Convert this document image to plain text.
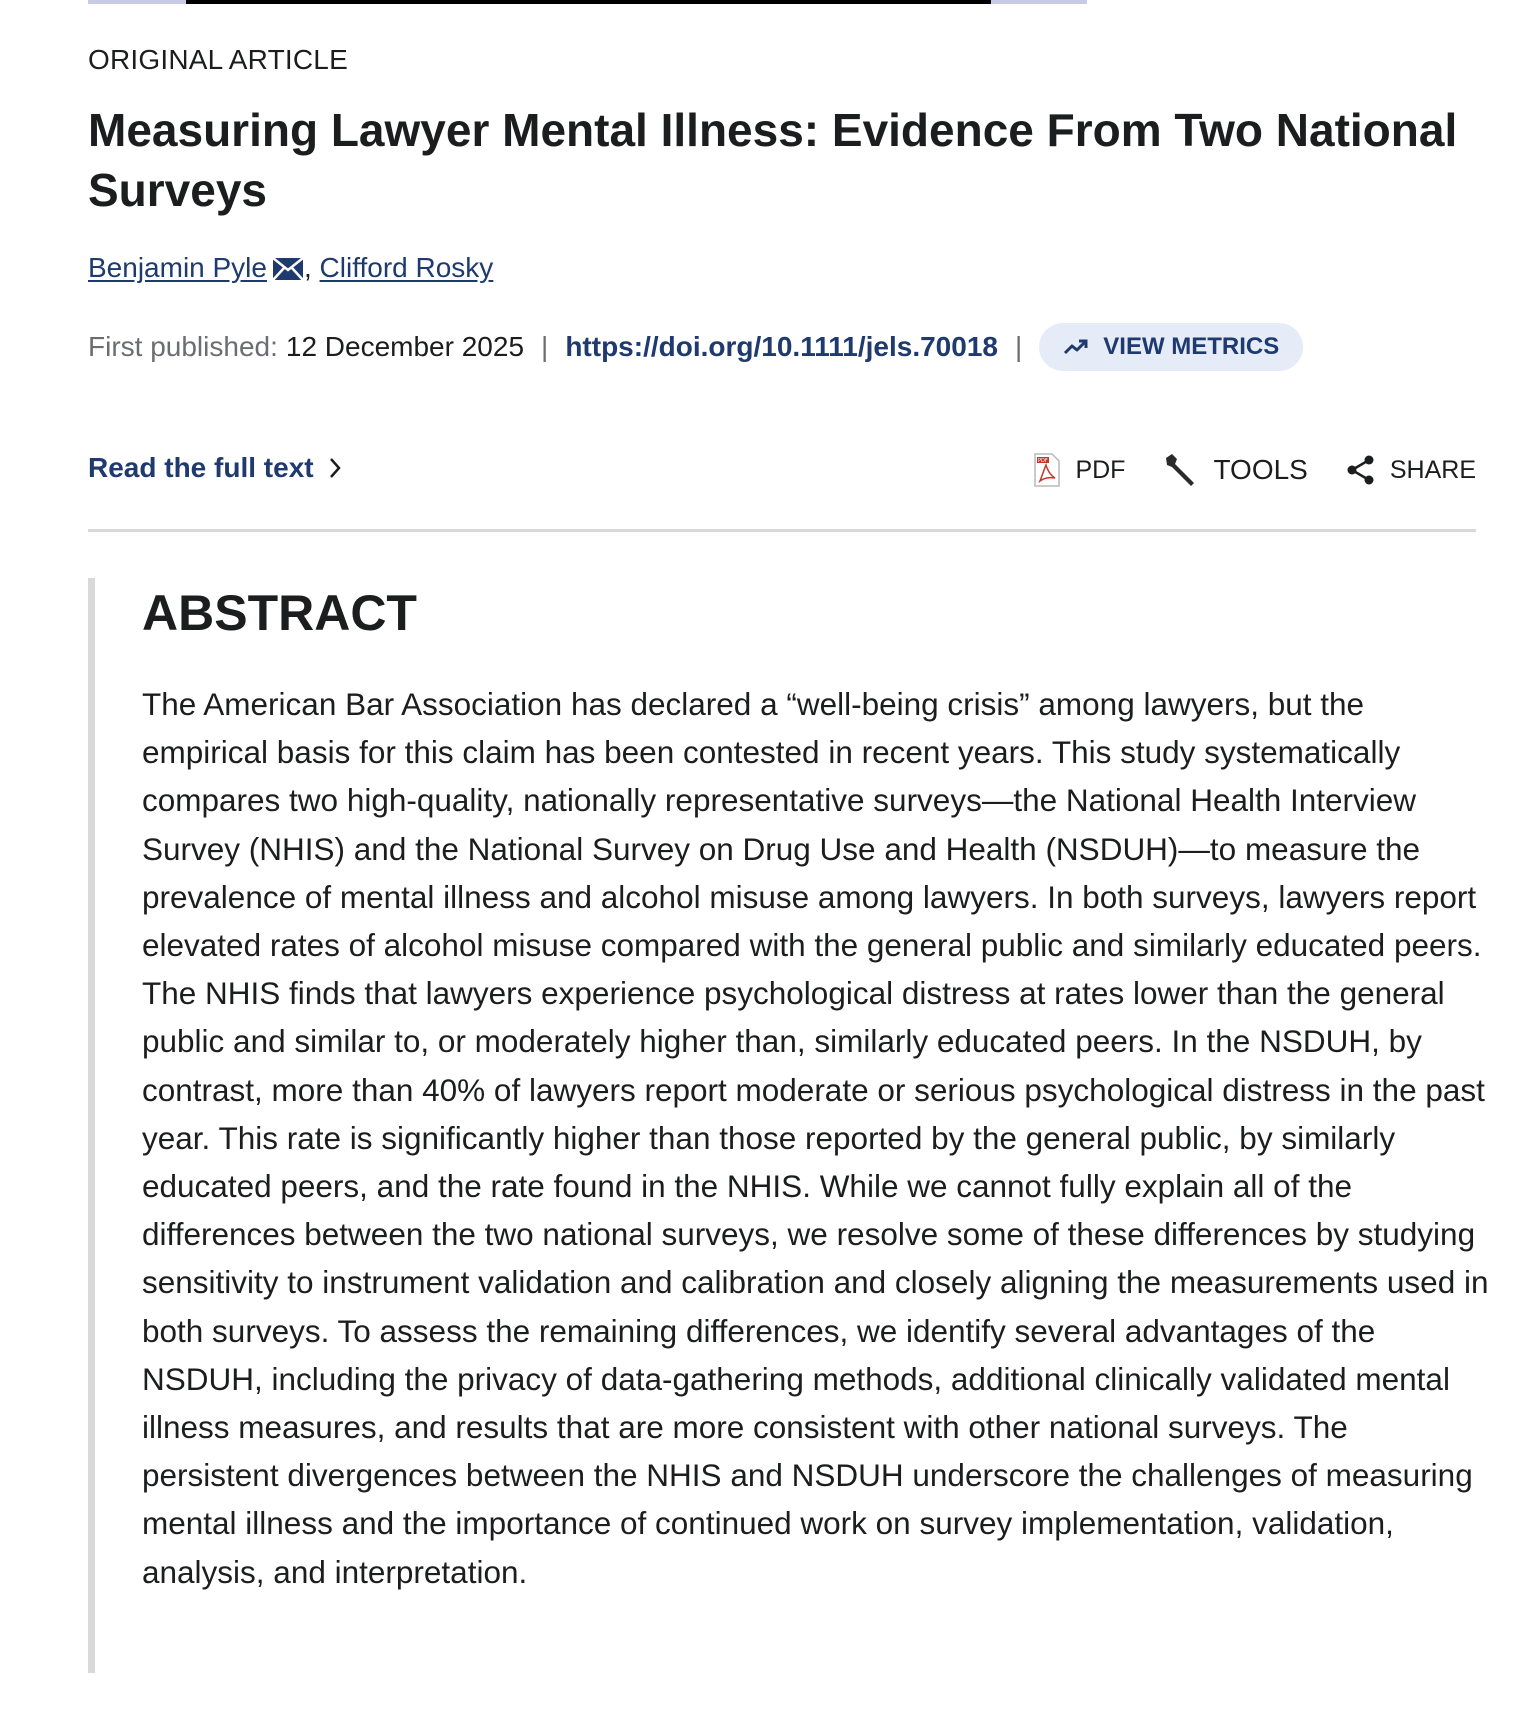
ORIGINAL ARTICLE
Measuring Lawyer Mental Illness: Evidence From Two National Surveys
Benjamin Pyle , Clifford Rosky
First published: 12 December 2025 | https://doi.org/10.1111/jels.70018 |	VIEW METRICS
Read the full text	PDF PDF	TOOLS	SHARE
ABSTRACT

The American Bar Association has declared a “well-being crisis” among lawyers, but the empirical basis for this claim has been contested in recent years. This study systematically compares two high-quality, nationally representative surveys—the National Health Interview Survey (NHIS) and the National Survey on Drug Use and Health (NSDUH)—to measure the prevalence of mental illness and alcohol misuse among lawyers. In both surveys, lawyers report elevated rates of alcohol misuse compared with the general public and similarly educated peers. The NHIS finds that lawyers experience psychological distress at rates lower than the general public and similar to, or moderately higher than, similarly educated peers. In the NSDUH, by contrast, more than 40% of lawyers report moderate or serious psychological distress in the past year. This rate is significantly higher than those reported by the general public, by similarly educated peers, and the rate found in the NHIS. While we cannot fully explain all of the differences between the two national surveys, we resolve some of these differences by studying sensitivity to instrument validation and calibration and closely aligning the measurements used in both surveys. To assess the remaining differences, we identify several advantages of the NSDUH, including the privacy of data-gathering methods, additional clinically validated mental illness measures, and results that are more consistent with other national surveys. The persistent divergences between the NHIS and NSDUH underscore the challenges of measuring mental illness and the importance of continued work on survey implementation, validation, analysis, and interpretation.
